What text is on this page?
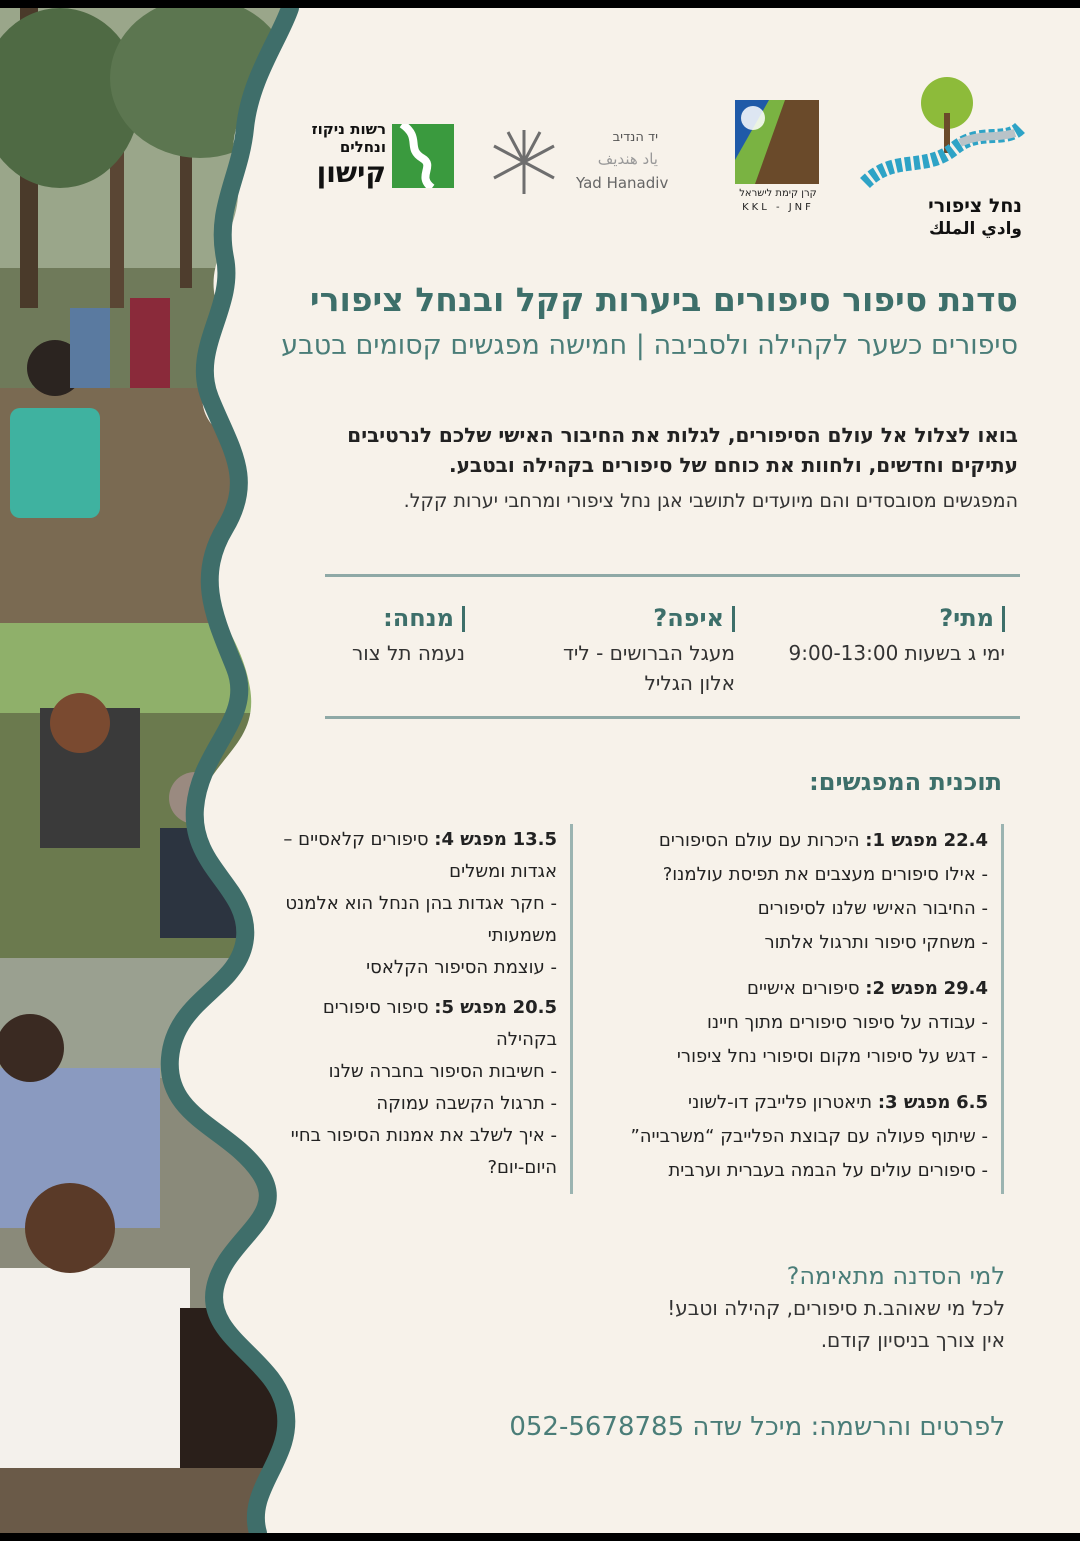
נחל ציפורי
وادي الملك
קרן קימת לישראל
KKL - JNF
יד הנדיב
ياد هنديف
Yad Hanadiv
רשות ניקוז
ונחלים
קישון
סדנת סיפור סיפורים ביערות קקל ובנחל ציפורי
סיפורים כשער לקהילה ולסביבה | חמישה מפגשים קסומים בטבע
בואו לצלול אל עולם הסיפורים, לגלות את החיבור האישי שלכם לנרטיבים
עתיקים וחדשים, ולחוות את כוחם של סיפורים בקהילה ובטבע.
המפגשים מסובסדים והם מיועדים לתושבי אגן נחל ציפורי ומרחבי יערות קקל.
מתי?
ימי ג בשעות 9:00-13:00
איפה?
מעגל הברושים - ליד
אלון הגליל
מנחה:
נעמה תל צור
תוכנית המפגשים:
22.4 מפגש 1: היכרות עם עולם הסיפורים
- אילו סיפורים מעצבים את תפיסת עולמנו?
- החיבור האישי שלנו לסיפורים
- משחקי סיפור ותרגול אלתור
29.4 מפגש 2: סיפורים אישיים
- עבודה על סיפור סיפורים מתוך חיינו
- דגש על סיפורי מקום וסיפורי נחל ציפורי
6.5 מפגש 3: תיאטרון פלייבק דו-לשוני
- שיתוף פעולה עם קבוצת הפלייבק “משרבייה”
- סיפורים עולים על הבמה בעברית וערבית
13.5 מפגש 4: סיפורים קלאסיים –
אגדות ומשלים
- חקר אגדות בהן הנחל הוא אלמנט
משמעותי
- עוצמת הסיפור הקלאסי
20.5 מפגש 5: סיפור סיפורים בקהילה
- חשיבות הסיפור בחברה שלנו
- תרגול הקשבה עמוקה
- איך לשלב את אמנות הסיפור בחיי
היום-יום?
למי הסדנה מתאימה?
לכל מי שאוהב.ת סיפורים, קהילה וטבע!
אין צורך בניסיון קודם.
לפרטים והרשמה: מיכל שדה 052-5678785
